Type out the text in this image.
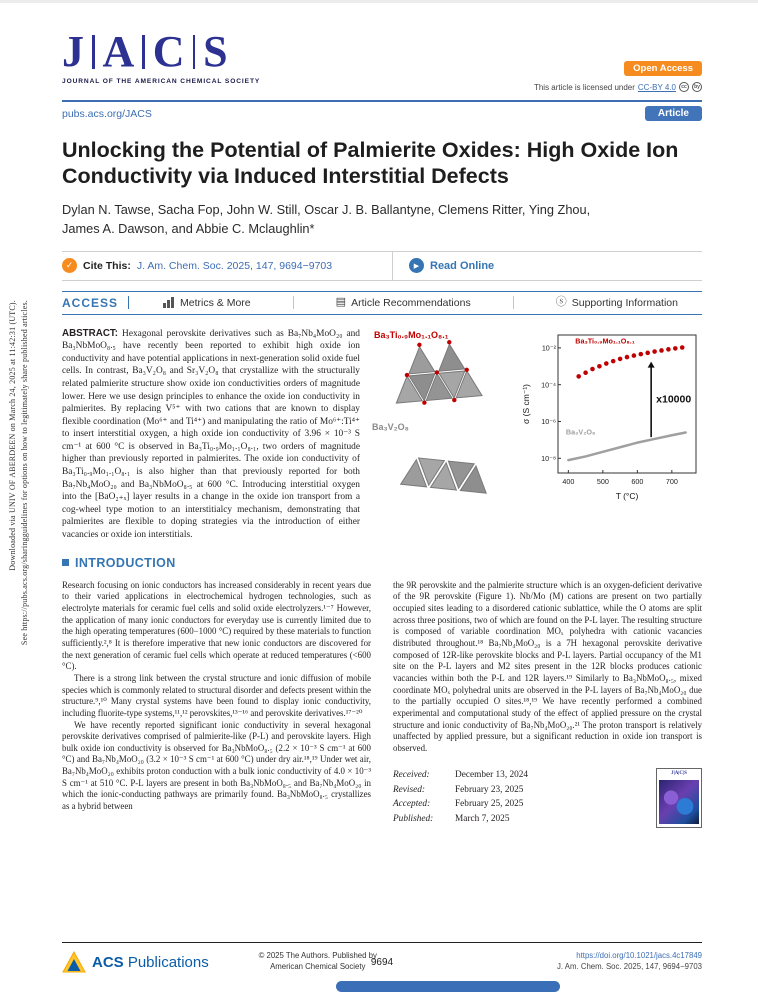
Downloaded via UNIV OF ABERDEEN on March 24, 2025 at 11:42:31 (UTC). See https://pubs.acs.org/sharingguidelines for options on how to legitimately share published articles.
J A C S
JOURNAL OF THE AMERICAN CHEMICAL SOCIETY
Open Access
This article is licensed under CC-BY 4.0	cc	by
pubs.acs.org/JACS	Article
Unlocking the Potential of Palmierite Oxides: High Oxide Ion Conductivity via Induced Interstitial Defects
Dylan N. Tawse, Sacha Fop, John W. Still, Oscar J. B. Ballantyne, Clemens Ritter, Ying Zhou,
James A. Dawson, and Abbie C. Mclaughlin*
✓ Cite This: J. Am. Chem. Soc. 2025, 147, 9694−9703	▶ Read Online
ACCESS	Metrics & More	▤ Article Recommendations	ⓢ Supporting Information
Ba₃Ti₀.₉Mo₁.₁O₈.₁
Ba₃V₂O₈
400	500	600	700
10⁻²
10⁻⁴
10⁻⁶
10⁻⁸
T (°C)
σ (S cm⁻¹)
Ba₃Ti₀.₉Mo₁.₁O₈.₁
Ba₃V₂O₈
x10000
ABSTRACT: Hexagonal perovskite derivatives such as Ba₇Nb₄MoO₂₀ and Ba₃NbMoO₈.₅ have recently been reported to exhibit high oxide ion conductivity and have potential applications in next-generation solid oxide fuel cells. In contrast, Ba₃V₂O₈ and Sr₃V₂O₈ that crystallize with the structurally related palmierite structure show oxide ion conductivities orders of magnitude lower. Here we use design principles to enhance the oxide ion conductivity in palmierites. By replacing V⁵⁺ with two cations that are known to display flexible coordination (Mo⁶⁺ and Ti⁴⁺) and manipulating the ratio of Mo⁶⁺:Ti⁴⁺ to insert interstitial oxygen, a high oxide ion conductivity of 3.96 × 10⁻³ S cm⁻¹ at 600 °C is observed in Ba₃Ti₀.₉Mo₁.₁O₈.₁, two orders of magnitude higher than previously reported in palmierites. The oxide ion conductivity of Ba₃Ti₀.₉Mo₁.₁O₈.₁ is also higher than that previously reported for both Ba₇Nb₄MoO₂₀ and Ba₃NbMoO₈.₅ at 600 °C. Introducing interstitial oxygen into the [BaO₂₊ₓ] layer results in a change in the oxide ion transport from a cog-wheel type motion to an interstitialcy mechanism, demonstrating that palmierites are flexible to doping strategies via the introduction of either vacancies or oxide ion interstitials.
INTRODUCTION

Research focusing on ionic conductors has increased considerably in recent years due to their varied applications in electrochemical hydrogen technologies, such as electrolyte materials for ceramic fuel cells and solid oxide electrolyzers.¹⁻⁷ However, the application of many ionic conductors for everyday use is currently limited due to the high operating temperatures (600−1000 °C) required by these materials to function sufficiently.²,⁸ It is therefore imperative that new ionic conductors are discovered for the next generation of ceramic fuel cells which operate at reduced temperatures (<600 °C).

There is a strong link between the crystal structure and ionic diffusion of mobile species which is commonly related to structural disorder and defects present within the structure.⁹,¹⁰ Many crystal systems have been found to display ionic conductivity, including fluorite-type systems,¹¹,¹² perovskites,¹³⁻¹⁶ and perovskite derivatives.¹⁷⁻²⁰

We have recently reported significant ionic conductivity in several hexagonal perovskite derivatives comprised of palmierite-like (P-L) and perovskite layers. High bulk oxide ion conductivity is observed for Ba₃NbMoO₈.₅ (2.2 × 10⁻³ S cm⁻¹ at 600 °C) and Ba₇Nb₄MoO₂₀ (3.2 × 10⁻³ S cm⁻¹ at 600 °C) under dry air.¹⁸,¹⁹ Under wet air, Ba₇Nb₄MoO₂₀ exhibits proton conduction with a bulk ionic conductivity of 4.0 × 10⁻³ S cm⁻¹ at 510 °C. P-L layers are present in both Ba₃NbMoO₈.₅ and Ba₇Nb₄MoO₂₀ in which the ionic-conducting pathways are primarily found. Ba₃NbMoO₈.₅ crystallizes as a hybrid between

the 9R perovskite and the palmierite structure which is an oxygen-deficient derivative of the 9R perovskite (Figure 1). Nb/Mo (M) cations are present on two partially occupied sites leading to a disordered cationic sublattice, while the O atoms are split across three positions, two of which are found on the P-L layer. The resulting structure is composed of variable coordination MOₓ polyhedra with cationic vacancies distributed throughout.¹⁸ Ba₇Nb₄MoO₂₀ is a 7H hexagonal perovskite derivative composed of 12R-like perovskite blocks and P-L layers. Partial occupancy of the M1 site on the P-L layers and M2 sites present in the 12R blocks produces cationic vacancies within both the P-L and 12R layers.¹⁹ Similarly to Ba₃NbMoO₈.₅, mixed coordinate MOₓ polyhedral units are observed in the P-L layers of Ba₇Nb₄MoO₂₀ due to the partially occupied O sites.¹⁸,¹⁹ We have recently performed a combined experimental and computational study of the effect of applied pressure on the crystal structure and ionic conductivity of Ba₇Nb₄MoO₂₀.²¹ The proton transport is relatively unaffected by applied pressure, but a significant reduction in oxide ion transport is observed.

Received:	December 13, 2024
Revised:	February 23, 2025
Accepted:	February 25, 2025
Published:	March 7, 2025
J|A|C|S
ACS Publications	© 2025 The Authors. Published by
American Chemical Society 9694
https://doi.org/10.1021/jacs.4c17849
J. Am. Chem. Soc. 2025, 147, 9694−9703
